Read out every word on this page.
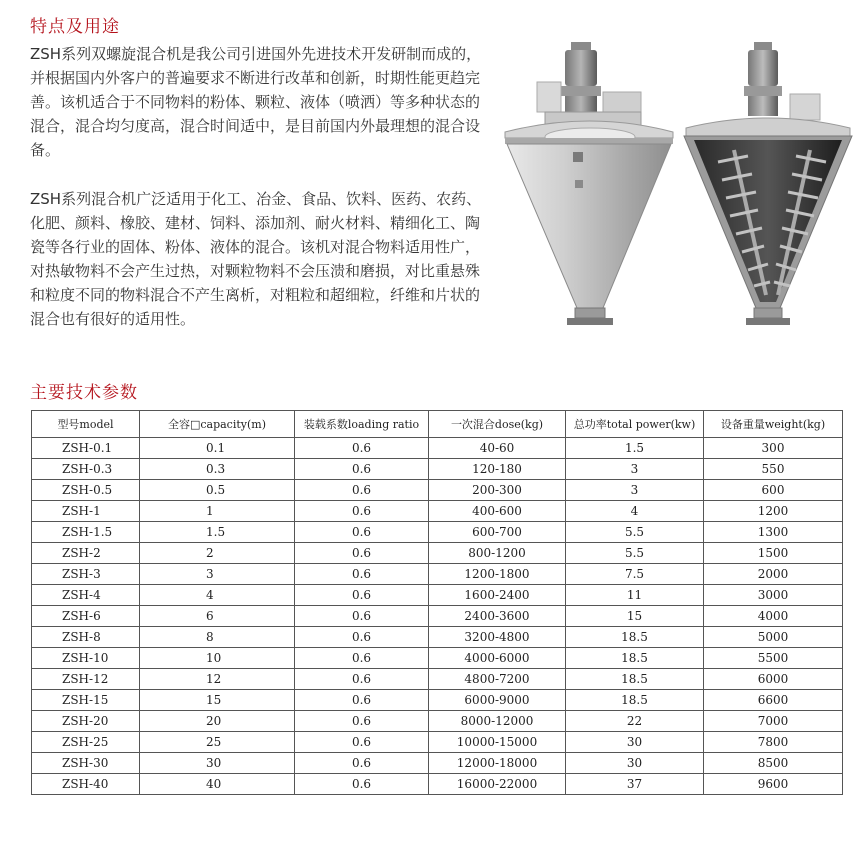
特点及用途

ZSH系列双螺旋混合机是我公司引进国外先进技术开发研制而成的，并根据国内外客户的普遍要求不断进行改革和创新，时期性能更趋完善。该机适合于不同物料的粉体、颗粒、液体（喷洒）等多种状态的混合，混合均匀度高，混合时间适中，是目前国内外最理想的混合设备。

ZSH系列混合机广泛适用于化工、冶金、食品、饮料、医药、农药、化肥、颜料、橡胶、建材、饲料、添加剂、耐火材料、精细化工、陶瓷等各行业的固体、粉体、液体的混合。该机对混合物料适用性广，对热敏物料不会产生过热，对颗粒物料不会压溃和磨损，对比重悬殊和粒度不同的物料混合不产生离析，对粗粒和超细粒，纤维和片状的混合也有很好的适用性。

主要技术参数
型号model	全容□capacity(m)	装载系数loading ratio	一次混合dose(kg)	总功率total power(kw)	设备重量weight(kg)
ZSH-0.1	0.1	0.6	40-60	1.5	300
ZSH-0.3	0.3	0.6	120-180	3	550
ZSH-0.5	0.5	0.6	200-300	3	600
ZSH-1	1	0.6	400-600	4	1200
ZSH-1.5	1.5	0.6	600-700	5.5	1300
ZSH-2	2	0.6	800-1200	5.5	1500
ZSH-3	3	0.6	1200-1800	7.5	2000
ZSH-4	4	0.6	1600-2400	11	3000
ZSH-6	6	0.6	2400-3600	15	4000
ZSH-8	8	0.6	3200-4800	18.5	5000
ZSH-10	10	0.6	4000-6000	18.5	5500
ZSH-12	12	0.6	4800-7200	18.5	6000
ZSH-15	15	0.6	6000-9000	18.5	6600
ZSH-20	20	0.6	8000-12000	22	7000
ZSH-25	25	0.6	10000-15000	30	7800
ZSH-30	30	0.6	12000-18000	30	8500
ZSH-40	40	0.6	16000-22000	37	9600
